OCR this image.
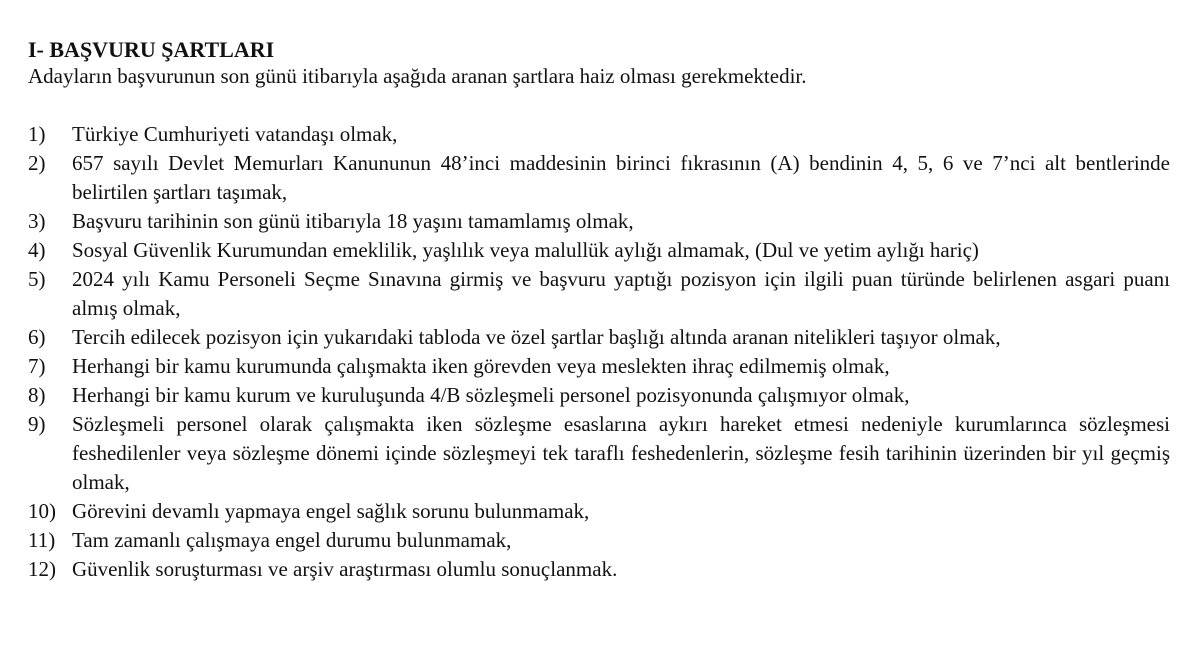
I- BAŞVURU ŞARTLARI

Adayların başvurunun son günü itibarıyla aşağıda aranan şartlara haiz olması gerekmektedir.

1)	Türkiye Cumhuriyeti vatandaşı olmak,
2)	657 sayılı Devlet Memurları Kanununun 48’inci maddesinin birinci fıkrasının (A) bendinin 4, 5, 6 ve 7’nci alt bentlerinde belirtilen şartları taşımak,
3)	Başvuru tarihinin son günü itibarıyla 18 yaşını tamamlamış olmak,
4)	Sosyal Güvenlik Kurumundan emeklilik, yaşlılık veya malullük aylığı almamak, (Dul ve yetim aylığı hariç)
5)	2024 yılı Kamu Personeli Seçme Sınavına girmiş ve başvuru yaptığı pozisyon için ilgili puan türünde belirlenen asgari puanı almış olmak,
6)	Tercih edilecek pozisyon için yukarıdaki tabloda ve özel şartlar başlığı altında aranan nitelikleri taşıyor olmak,
7)	Herhangi bir kamu kurumunda çalışmakta iken görevden veya meslekten ihraç edilmemiş olmak,
8)	Herhangi bir kamu kurum ve kuruluşunda 4/B sözleşmeli personel pozisyonunda çalışmıyor olmak,
9)	Sözleşmeli personel olarak çalışmakta iken sözleşme esaslarına aykırı hareket etmesi nedeniyle kurumlarınca sözleşmesi feshedilenler veya sözleşme dönemi içinde sözleşmeyi tek taraflı feshedenlerin, sözleşme fesih tarihinin üzerinden bir yıl geçmiş olmak,
10) Görevini devamlı yapmaya engel sağlık sorunu bulunmamak,
11) Tam zamanlı çalışmaya engel durumu bulunmamak,
12) Güvenlik soruşturması ve arşiv araştırması olumlu sonuçlanmak.
